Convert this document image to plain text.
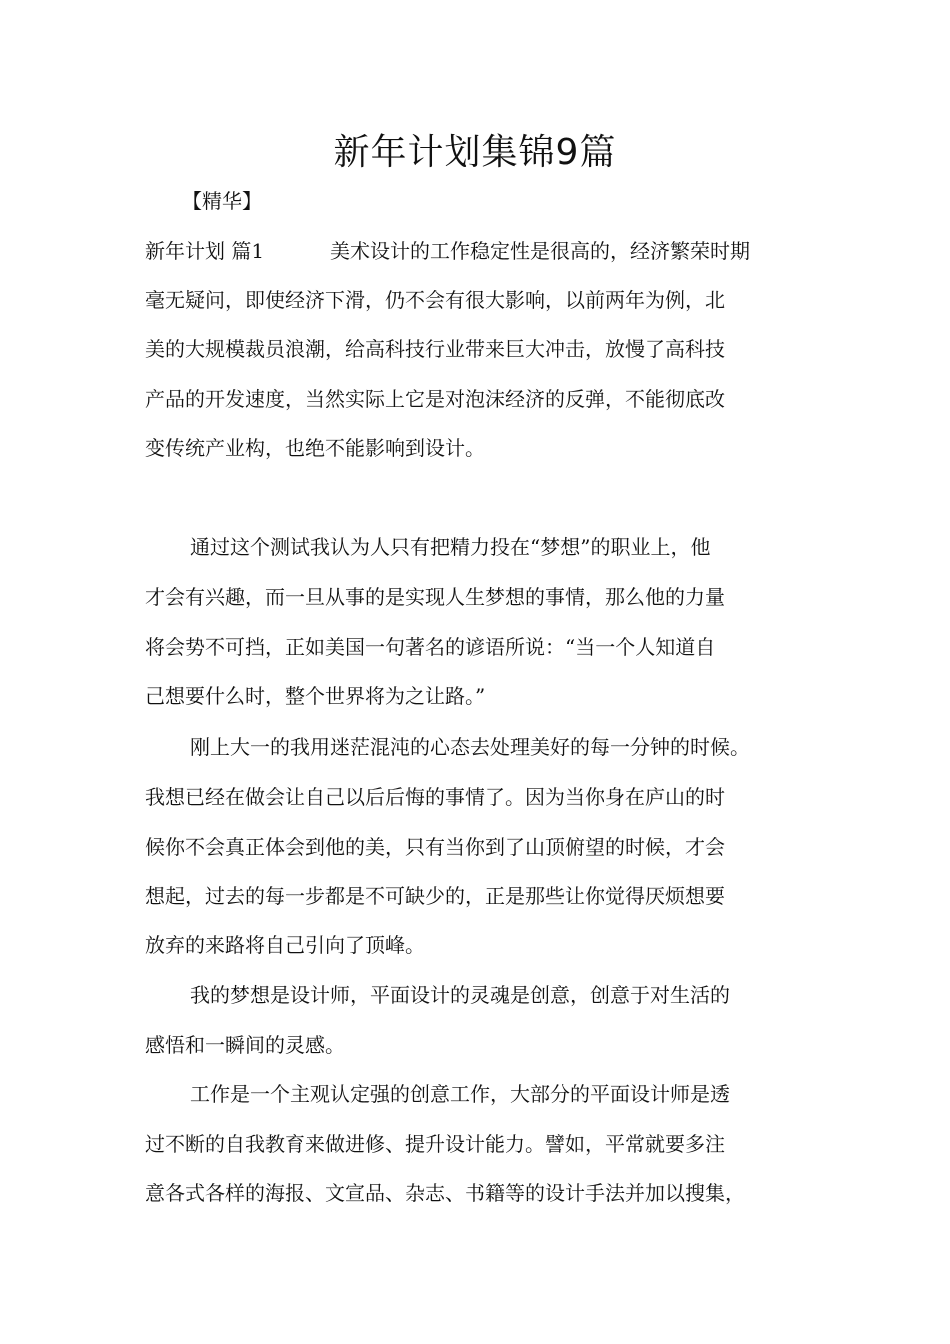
新年计划集锦9篇
【精华】
新年计划 篇1	美术设计的工作稳定性是很高的，经济繁荣时期
毫无疑问，即使经济下滑，仍不会有很大影响，以前两年为例，北
美的大规模裁员浪潮，给高科技行业带来巨大冲击，放慢了高科技
产品的开发速度，当然实际上它是对泡沫经济的反弹，不能彻底改
变传统产业构，也绝不能影响到设计。
通过这个测试我认为人只有把精力投在“梦想”的职业上，他
才会有兴趣，而一旦从事的是实现人生梦想的事情，那么他的力量
将会势不可挡，正如美国一句著名的谚语所说：“当一个人知道自
己想要什么时，整个世界将为之让路。”
刚上大一的我用迷茫混沌的心态去处理美好的每一分钟的时候。
我想已经在做会让自己以后后悔的事情了。因为当你身在庐山的时
候你不会真正体会到他的美，只有当你到了山顶俯望的时候，才会
想起，过去的每一步都是不可缺少的，正是那些让你觉得厌烦想要
放弃的来路将自己引向了顶峰。
我的梦想是设计师，平面设计的灵魂是创意，创意于对生活的
感悟和一瞬间的灵感。
工作是一个主观认定强的创意工作，大部分的平面设计师是透
过不断的自我教育来做进修、提升设计能力。譬如，平常就要多注
意各式各样的海报、文宣品、杂志、书籍等的设计手法并加以搜集，
